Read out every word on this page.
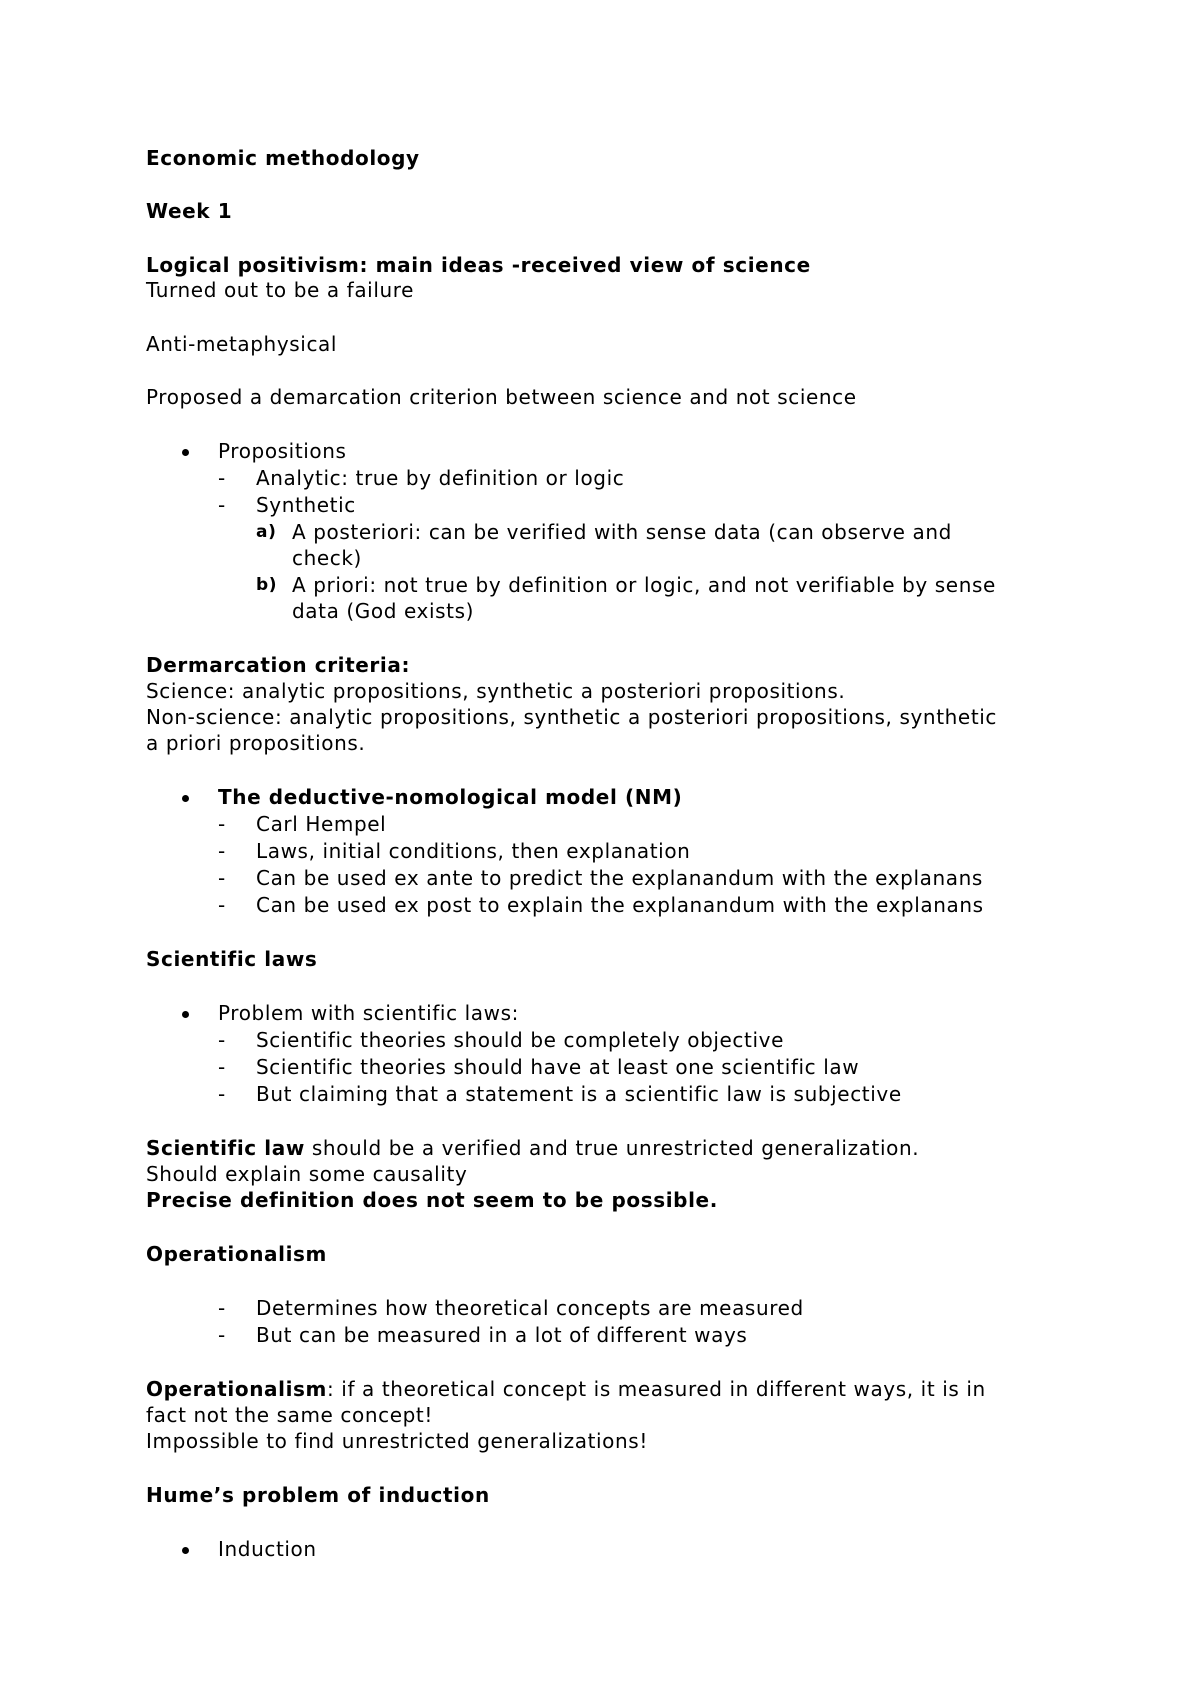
Economic methodology

Week 1

Logical positivism: main ideas -received view of science

Turned out to be a failure

Anti-metaphysical

Proposed a demarcation criterion between science and not science

Propositions
- Analytic: true by definition or logic
- Synthetic
a) A posteriori: can be verified with sense data (can observe and
check)
b) A priori: not true by definition or logic, and not verifiable by sense
data (God exists)

Dermarcation criteria:

Science: analytic propositions, synthetic a posteriori propositions.

Non-science: analytic propositions, synthetic a posteriori propositions, synthetic

a priori propositions.

The deductive-nomological model (NM)
- Carl Hempel
- Laws, initial conditions, then explanation
- Can be used ex ante to predict the explanandum with the explanans
- Can be used ex post to explain the explanandum with the explanans

Scientific laws

Problem with scientific laws:
- Scientific theories should be completely objective
- Scientific theories should have at least one scientific law
- But claiming that a statement is a scientific law is subjective

Scientific law should be a verified and true unrestricted generalization.

Should explain some causality

Precise definition does not seem to be possible.

Operationalism

- Determines how theoretical concepts are measured
- But can be measured in a lot of different ways

Operationalism: if a theoretical concept is measured in different ways, it is in

fact not the same concept!

Impossible to find unrestricted generalizations!

Hume’s problem of induction

Induction
